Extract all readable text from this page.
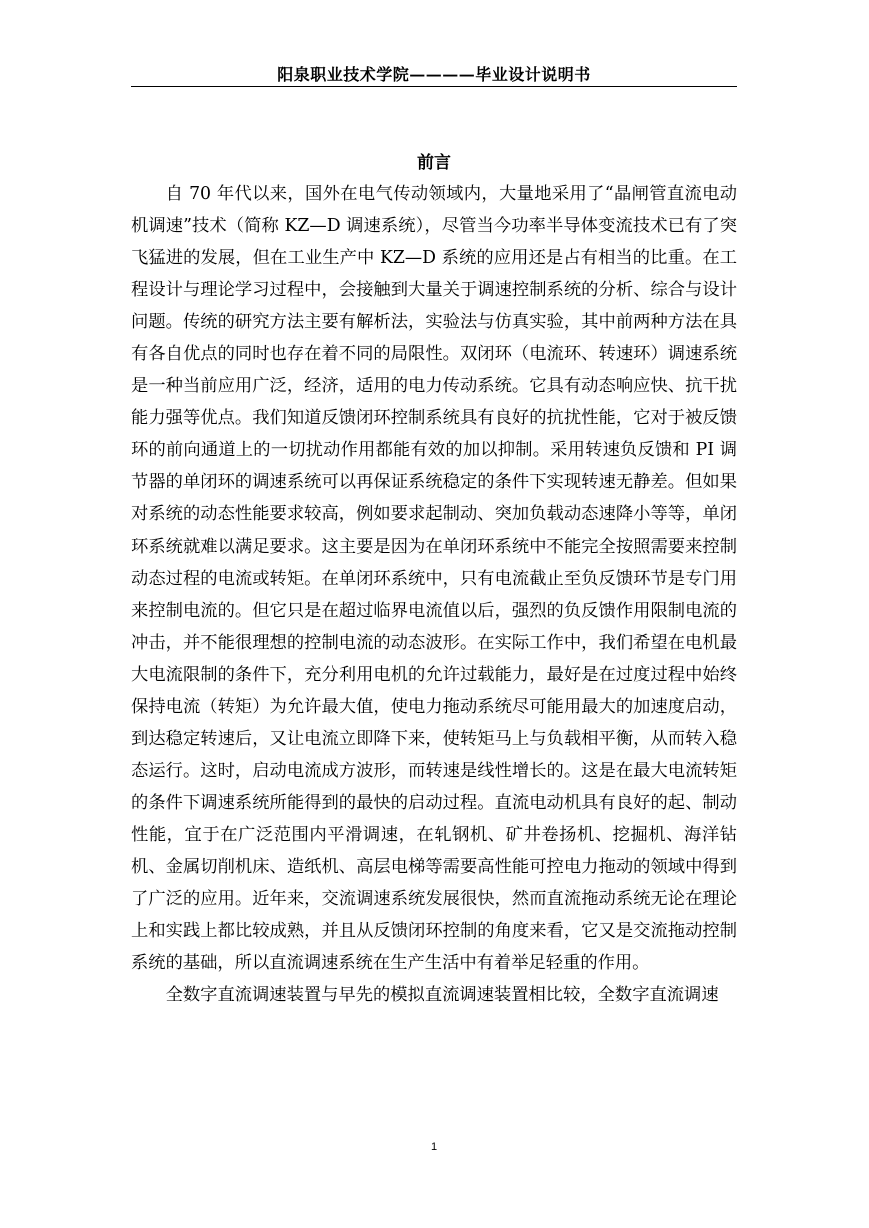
阳泉职业技术学院————毕业设计说明书
前言

自 70 年代以来，国外在电气传动领域内，大量地采用了“晶闸管直流电动机调速”技术（简称 KZ—D 调速系统），尽管当今功率半导体变流技术已有了突飞猛进的发展，但在工业生产中 KZ—D 系统的应用还是占有相当的比重。在工程设计与理论学习过程中，会接触到大量关于调速控制系统的分析、综合与设计问题。传统的研究方法主要有解析法，实验法与仿真实验，其中前两种方法在具有各自优点的同时也存在着不同的局限性。双闭环（电流环、转速环）调速系统是一种当前应用广泛，经济，适用的电力传动系统。它具有动态响应快、抗干扰能力强等优点。我们知道反馈闭环控制系统具有良好的抗扰性能，它对于被反馈环的前向通道上的一切扰动作用都能有效的加以抑制。采用转速负反馈和 PI 调节器的单闭环的调速系统可以再保证系统稳定的条件下实现转速无静差。但如果对系统的动态性能要求较高，例如要求起制动、突加负载动态速降小等等，单闭环系统就难以满足要求。这主要是因为在单闭环系统中不能完全按照需要来控制动态过程的电流或转矩。在单闭环系统中，只有电流截止至负反馈环节是专门用来控制电流的。但它只是在超过临界电流值以后，强烈的负反馈作用限制电流的冲击，并不能很理想的控制电流的动态波形。在实际工作中，我们希望在电机最大电流限制的条件下，充分利用电机的允许过载能力，最好是在过度过程中始终保持电流（转矩）为允许最大值，使电力拖动系统尽可能用最大的加速度启动，到达稳定转速后，又让电流立即降下来，使转矩马上与负载相平衡，从而转入稳态运行。这时，启动电流成方波形，而转速是线性增长的。这是在最大电流转矩的条件下调速系统所能得到的最快的启动过程。直流电动机具有良好的起、制动性能，宜于在广泛范围内平滑调速，在轧钢机、矿井卷扬机、挖掘机、海洋钻机、金属切削机床、造纸机、高层电梯等需要高性能可控电力拖动的领域中得到了广泛的应用。近年来，交流调速系统发展很快，然而直流拖动系统无论在理论上和实践上都比较成熟，并且从反馈闭环控制的角度来看，它又是交流拖动控制系统的基础，所以直流调速系统在生产生活中有着举足轻重的作用。

全数字直流调速装置与早先的模拟直流调速装置相比较，全数字直流调速

1
